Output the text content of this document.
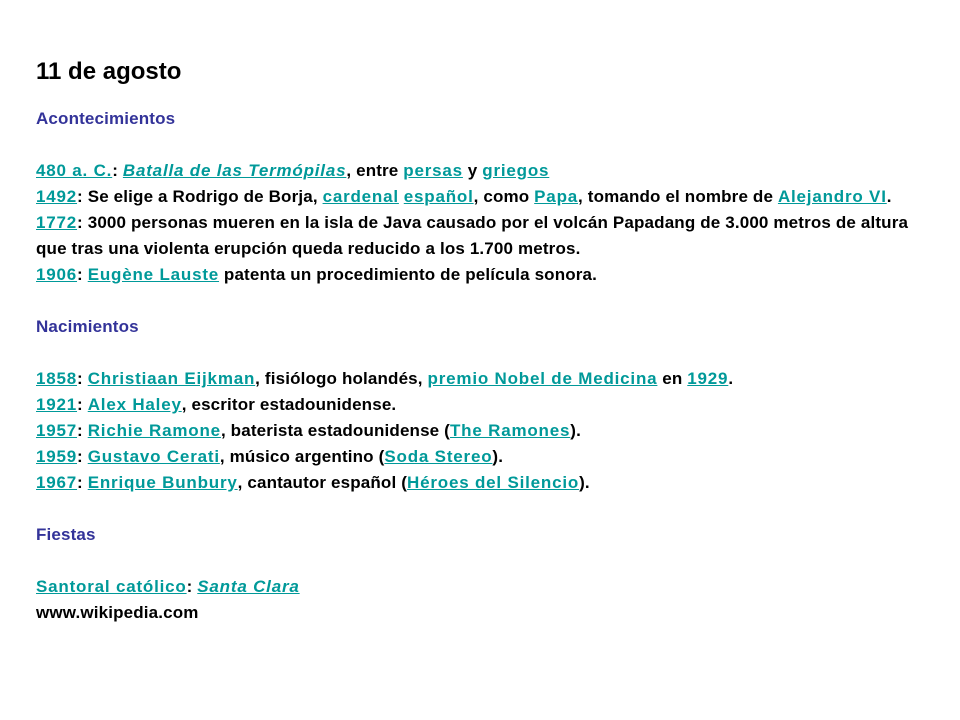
11 de agosto
Acontecimientos

480 a. C.: Batalla de las Termópilas, entre persas y griegos

1492: Se elige a Rodrigo de Borja, cardenal español, como Papa, tomando el nombre de Alejandro VI.

1772: 3000 personas mueren en la isla de Java causado por el volcán Papadang de 3.000 metros de altura que tras una violenta erupción queda reducido a los 1.700 metros.

1906: Eugène Lauste patenta un procedimiento de película sonora.

Nacimientos

1858: Christiaan Eijkman, fisiólogo holandés, premio Nobel de Medicina en 1929.

1921: Alex Haley, escritor estadounidense.

1957: Richie Ramone, baterista estadounidense (The Ramones).

1959: Gustavo Cerati, músico argentino (Soda Stereo).

1967: Enrique Bunbury, cantautor español (Héroes del Silencio).

Fiestas

Santoral católico: Santa Clara

www.wikipedia.com
